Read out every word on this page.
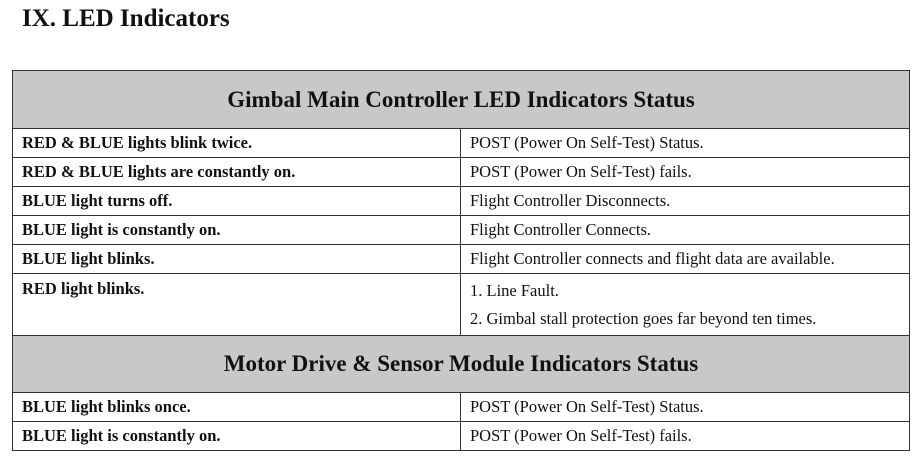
IX. LED Indicators
Gimbal Main Controller LED Indicators Status	
RED & BLUE lights blink twice.	POST (Power On Self-Test) Status.
RED & BLUE lights are constantly on.	POST (Power On Self-Test) fails.
BLUE light turns off.	Flight Controller Disconnects.
BLUE light is constantly on.	Flight Controller Connects.
BLUE light blinks.	Flight Controller connects and flight data are available.
RED light blinks.	1. Line Fault.
2. Gimbal stall protection goes far beyond ten times.

Motor Drive & Sensor Module Indicators Status	
BLUE light blinks once.	POST (Power On Self-Test) Status.
BLUE light is constantly on.	POST (Power On Self-Test) fails.
